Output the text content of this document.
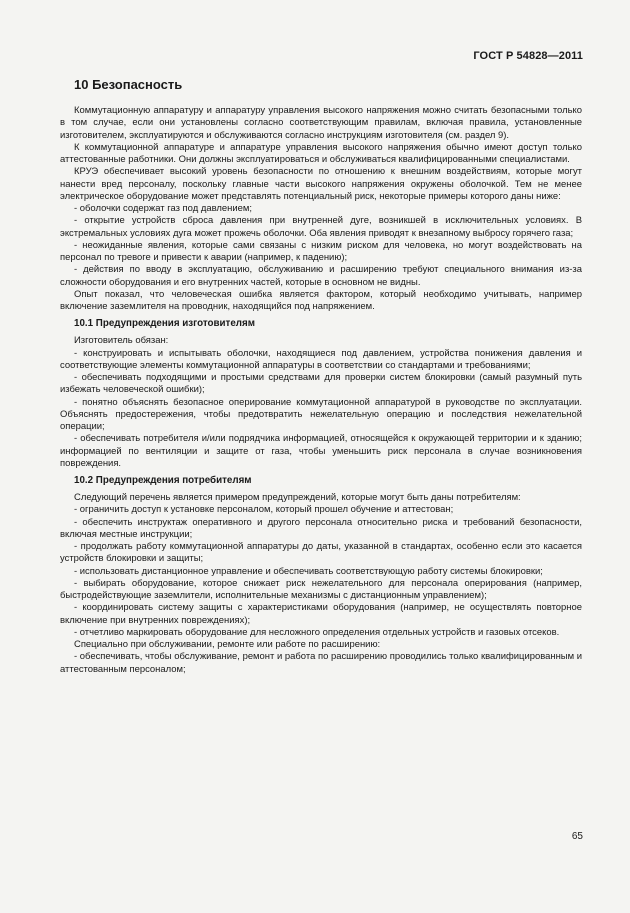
ГОСТ Р 54828—2011
10 Безопасность

Коммутационную аппаратуру и аппаратуру управления высокого напряжения можно считать безопасными только в том случае, если они установлены согласно соответствующим правилам, включая правила, установленные изготовителем, эксплуатируются и обслуживаются согласно инструкциям изготовителя (см. раздел 9).

К коммутационной аппаратуре и аппаратуре управления высокого напряжения обычно имеют доступ только аттестованные работники. Они должны эксплуатироваться и обслуживаться квалифицированными специалистами.

КРУЭ обеспечивает высокий уровень безопасности по отношению к внешним воздействиям, которые могут нанести вред персоналу, поскольку главные части высокого напряжения окружены оболочкой. Тем не менее электрическое оборудование может представлять потенциальный риск, некоторые примеры которого даны ниже:

- оболочки содержат газ под давлением;

- открытие устройств сброса давления при внутренней дуге, возникшей в исключительных условиях. В экстремальных условиях дуга может прожечь оболочки. Оба явления приводят к внезапному выбросу горячего газа;

- неожиданные явления, которые сами связаны с низким риском для человека, но могут воздействовать на персонал по тревоге и привести к аварии (например, к падению);

- действия по вводу в эксплуатацию, обслуживанию и расширению требуют специального внимания из-за сложности оборудования и его внутренних частей, которые в основном не видны.

Опыт показал, что человеческая ошибка является фактором, который необходимо учитывать, например включение заземлителя на проводник, находящийся под напряжением.

10.1 Предупреждения изготовителям

Изготовитель обязан:

- конструировать и испытывать оболочки, находящиеся под давлением, устройства понижения давления и соответствующие элементы коммутационной аппаратуры в соответствии со стандартами и требованиями;

- обеспечивать подходящими и простыми средствами для проверки систем блокировки (самый разумный путь избежать человеческой ошибки);

- понятно объяснять безопасное оперирование коммутационной аппаратурой в руководстве по эксплуатации. Объяснять предостережения, чтобы предотвратить нежелательную операцию и последствия нежелательной операции;

- обеспечивать потребителя и/или подрядчика информацией, относящейся к окружающей территории и к зданию; информацией по вентиляции и защите от газа, чтобы уменьшить риск персонала в случае возникновения повреждения.

10.2 Предупреждения потребителям

Следующий перечень является примером предупреждений, которые могут быть даны потребителям:

- ограничить доступ к установке персоналом, который прошел обучение и аттестован;

- обеспечить инструктаж оперативного и другого персонала относительно риска и требований безопасности, включая местные инструкции;

- продолжать работу коммутационной аппаратуры до даты, указанной в стандартах, особенно если это касается устройств блокировки и защиты;

- использовать дистанционное управление и обеспечивать соответствующую работу системы блокировки;

- выбирать оборудование, которое снижает риск нежелательного для персонала оперирования (например, быстродействующие заземлители, исполнительные механизмы с дистанционным управлением);

- координировать систему защиты с характеристиками оборудования (например, не осуществлять повторное включение при внутренних повреждениях);

- отчетливо маркировать оборудование для несложного определения отдельных устройств и газовых отсеков.

Специально при обслуживании, ремонте или работе по расширению:

- обеспечивать, чтобы обслуживание, ремонт и работа по расширению проводились только квалифицированным и аттестованным персоналом;

65
